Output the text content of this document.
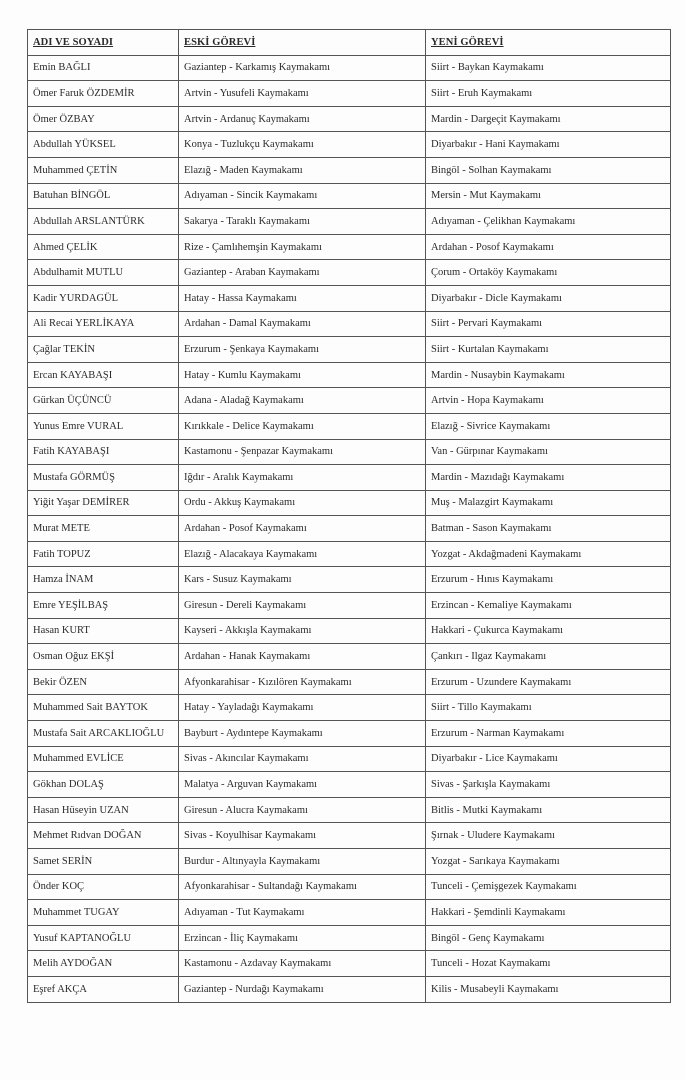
ADI VE SOYADI	ESKİ GÖREVİ	YENİ GÖREVİ
Emin BAĞLI	Gaziantep - Karkamış Kaymakamı	Siirt - Baykan Kaymakamı
Ömer Faruk ÖZDEMİR	Artvin - Yusufeli Kaymakamı	Siirt - Eruh Kaymakamı
Ömer ÖZBAY	Artvin - Ardanuç Kaymakamı	Mardin - Dargeçit Kaymakamı
Abdullah YÜKSEL	Konya - Tuzlukçu Kaymakamı	Diyarbakır - Hani Kaymakamı
Muhammed ÇETİN	Elazığ - Maden Kaymakamı	Bingöl - Solhan Kaymakamı
Batuhan BİNGÖL	Adıyaman - Sincik Kaymakamı	Mersin - Mut Kaymakamı
Abdullah ARSLANTÜRK	Sakarya - Taraklı Kaymakamı	Adıyaman - Çelikhan Kaymakamı
Ahmed ÇELİK	Rize - Çamlıhemşin Kaymakamı	Ardahan - Posof Kaymakamı
Abdulhamit MUTLU	Gaziantep - Araban Kaymakamı	Çorum - Ortaköy Kaymakamı
Kadir YURDAGÜL	Hatay - Hassa Kaymakamı	Diyarbakır - Dicle Kaymakamı
Ali Recai YERLİKAYA	Ardahan - Damal Kaymakamı	Siirt - Pervari Kaymakamı
Çağlar TEKİN	Erzurum - Şenkaya Kaymakamı	Siirt - Kurtalan Kaymakamı
Ercan KAYABAŞI	Hatay - Kumlu Kaymakamı	Mardin - Nusaybin Kaymakamı
Gürkan ÜÇÜNCÜ	Adana - Aladağ Kaymakamı	Artvin - Hopa Kaymakamı
Yunus Emre VURAL	Kırıkkale - Delice Kaymakamı	Elazığ - Sivrice Kaymakamı
Fatih KAYABAŞI	Kastamonu - Şenpazar Kaymakamı	Van - Gürpınar Kaymakamı
Mustafa GÖRMÜŞ	Iğdır - Aralık Kaymakamı	Mardin - Mazıdağı Kaymakamı
Yiğit Yaşar DEMİRER	Ordu - Akkuş Kaymakamı	Muş - Malazgirt Kaymakamı
Murat METE	Ardahan - Posof Kaymakamı	Batman - Sason Kaymakamı
Fatih TOPUZ	Elazığ - Alacakaya Kaymakamı	Yozgat - Akdağmadeni Kaymakamı
Hamza İNAM	Kars - Susuz Kaymakamı	Erzurum - Hınıs Kaymakamı
Emre YEŞİLBAŞ	Giresun - Dereli Kaymakamı	Erzincan - Kemaliye Kaymakamı
Hasan KURT	Kayseri - Akkışla Kaymakamı	Hakkari - Çukurca Kaymakamı
Osman Oğuz EKŞİ	Ardahan - Hanak Kaymakamı	Çankırı - Ilgaz Kaymakamı
Bekir ÖZEN	Afyonkarahisar - Kızılören Kaymakamı	Erzurum - Uzundere Kaymakamı
Muhammed Sait BAYTOK	Hatay - Yayladağı Kaymakamı	Siirt - Tillo Kaymakamı
Mustafa Sait ARCAKLIOĞLU	Bayburt - Aydıntepe Kaymakamı	Erzurum - Narman Kaymakamı
Muhammed EVLİCE	Sivas - Akıncılar Kaymakamı	Diyarbakır - Lice Kaymakamı
Gökhan DOLAŞ	Malatya - Arguvan Kaymakamı	Sivas - Şarkışla Kaymakamı
Hasan Hüseyin UZAN	Giresun - Alucra Kaymakamı	Bitlis - Mutki Kaymakamı
Mehmet Rıdvan DOĞAN	Sivas - Koyulhisar Kaymakamı	Şırnak - Uludere Kaymakamı
Samet SERİN	Burdur - Altınyayla Kaymakamı	Yozgat - Sarıkaya Kaymakamı
Önder KOÇ	Afyonkarahisar - Sultandağı Kaymakamı	Tunceli - Çemişgezek Kaymakamı
Muhammet TUGAY	Adıyaman - Tut Kaymakamı	Hakkari - Şemdinli Kaymakamı
Yusuf KAPTANOĞLU	Erzincan - İliç Kaymakamı	Bingöl - Genç Kaymakamı
Melih AYDOĞAN	Kastamonu - Azdavay Kaymakamı	Tunceli - Hozat Kaymakamı
Eşref AKÇA	Gaziantep - Nurdağı Kaymakamı	Kilis - Musabeyli Kaymakamı
